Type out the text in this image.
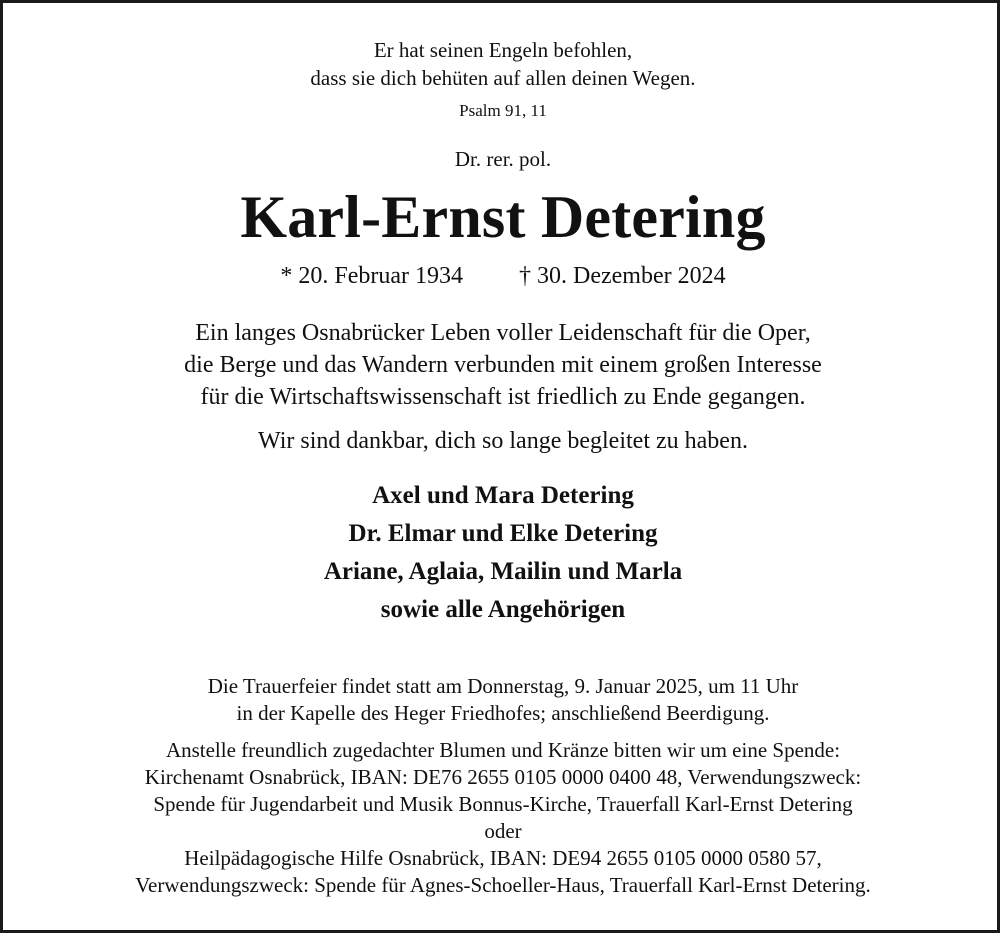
Er hat seinen Engeln befohlen,
dass sie dich behüten auf allen deinen Wegen.
Psalm 91, 11
Dr. rer. pol.
Karl-Ernst Detering
* 20. Februar 1934 † 30. Dezember 2024
Ein langes Osnabrücker Leben voller Leidenschaft für die Oper,
die Berge und das Wandern verbunden mit einem großen Interesse
für die Wirtschaftswissenschaft ist friedlich zu Ende gegangen.
Wir sind dankbar, dich so lange begleitet zu haben.
Axel und Mara Detering
Dr. Elmar und Elke Detering
Ariane, Aglaia, Mailin und Marla
sowie alle Angehörigen
Die Trauerfeier findet statt am Donnerstag, 9. Januar 2025, um 11 Uhr
in der Kapelle des Heger Friedhofes; anschließend Beerdigung.
Anstelle freundlich zugedachter Blumen und Kränze bitten wir um eine Spende:
Kirchenamt Osnabrück, IBAN: DE76 2655 0105 0000 0400 48, Verwendungszweck:
Spende für Jugendarbeit und Musik Bonnus-Kirche, Trauerfall Karl-Ernst Detering
oder
Heilpädagogische Hilfe Osnabrück, IBAN: DE94 2655 0105 0000 0580 57,
Verwendungszweck: Spende für Agnes-Schoeller-Haus, Trauerfall Karl-Ernst Detering.
